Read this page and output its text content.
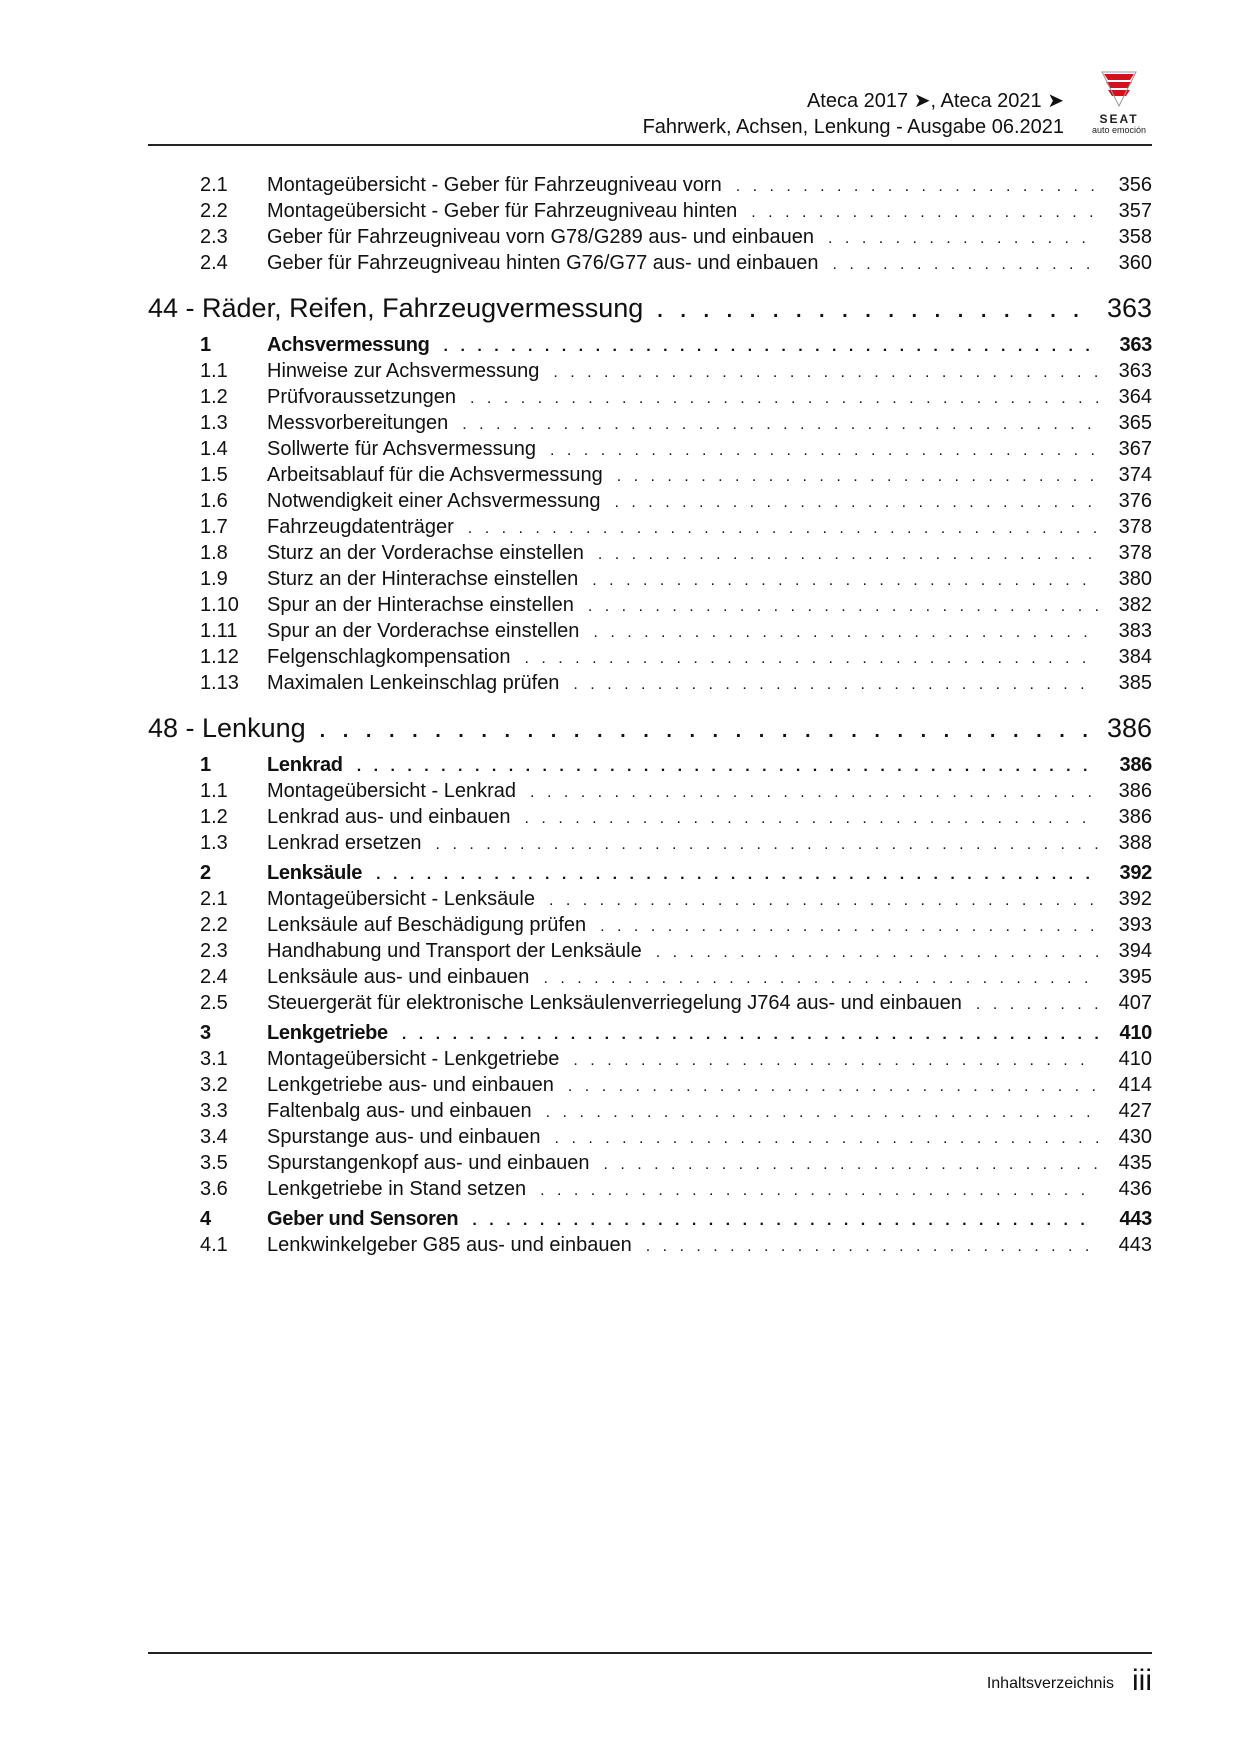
Ateca 2017 ➤, Ateca 2021 ➤
Fahrwerk, Achsen, Lenkung - Ausgabe 06.2021	SEAT
auto emoción
2.1	Montageübersicht - Geber für Fahrzeugniveau vorn . . .	356
2.2	Montageübersicht - Geber für Fahrzeugniveau hinten . . .	357
2.3	Geber für Fahrzeugniveau vorn G78/G289 aus- und einbauen . . .	358
2.4	Geber für Fahrzeugniveau hinten G76/G77 aus- und einbauen . . .	360
44 - Räder, Reifen, Fahrzeugvermessung . . .	363
1	Achsvermessung . . .	363
1.1	Hinweise zur Achsvermessung . . .	363
1.2	Prüfvoraussetzungen . . .	364
1.3	Messvorbereitungen . . .	365
1.4	Sollwerte für Achsvermessung . . .	367
1.5	Arbeitsablauf für die Achsvermessung . . .	374
1.6	Notwendigkeit einer Achsvermessung . . .	376
1.7	Fahrzeugdatenträger . . .	378
1.8	Sturz an der Vorderachse einstellen . . .	378
1.9	Sturz an der Hinterachse einstellen . . .	380
1.10	Spur an der Hinterachse einstellen . . .	382
1.11	Spur an der Vorderachse einstellen . . .	383
1.12	Felgenschlagkompensation . . .	384
1.13	Maximalen Lenkeinschlag prüfen . . .	385
48 - Lenkung . . .	386
1	Lenkrad . . .	386
1.1	Montageübersicht - Lenkrad . . .	386
1.2	Lenkrad aus- und einbauen . . .	386
1.3	Lenkrad ersetzen . . .	388
2	Lenksäule . . .	392
2.1	Montageübersicht - Lenksäule . . .	392
2.2	Lenksäule auf Beschädigung prüfen . . .	393
2.3	Handhabung und Transport der Lenksäule . . .	394
2.4	Lenksäule aus- und einbauen . . .	395
2.5	Steuergerät für elektronische Lenksäulenverriegelung J764 aus- und einbauen . . .	407
3	Lenkgetriebe . . .	410
3.1	Montageübersicht - Lenkgetriebe . . .	410
3.2	Lenkgetriebe aus- und einbauen . . .	414
3.3	Faltenbalg aus- und einbauen . . .	427
3.4	Spurstange aus- und einbauen . . .	430
3.5	Spurstangenkopf aus- und einbauen . . .	435
3.6	Lenkgetriebe in Stand setzen . . .	436
4	Geber und Sensoren . . .	443
4.1	Lenkwinkelgeber G85 aus- und einbauen . . .	443
Inhaltsverzeichnis iii
